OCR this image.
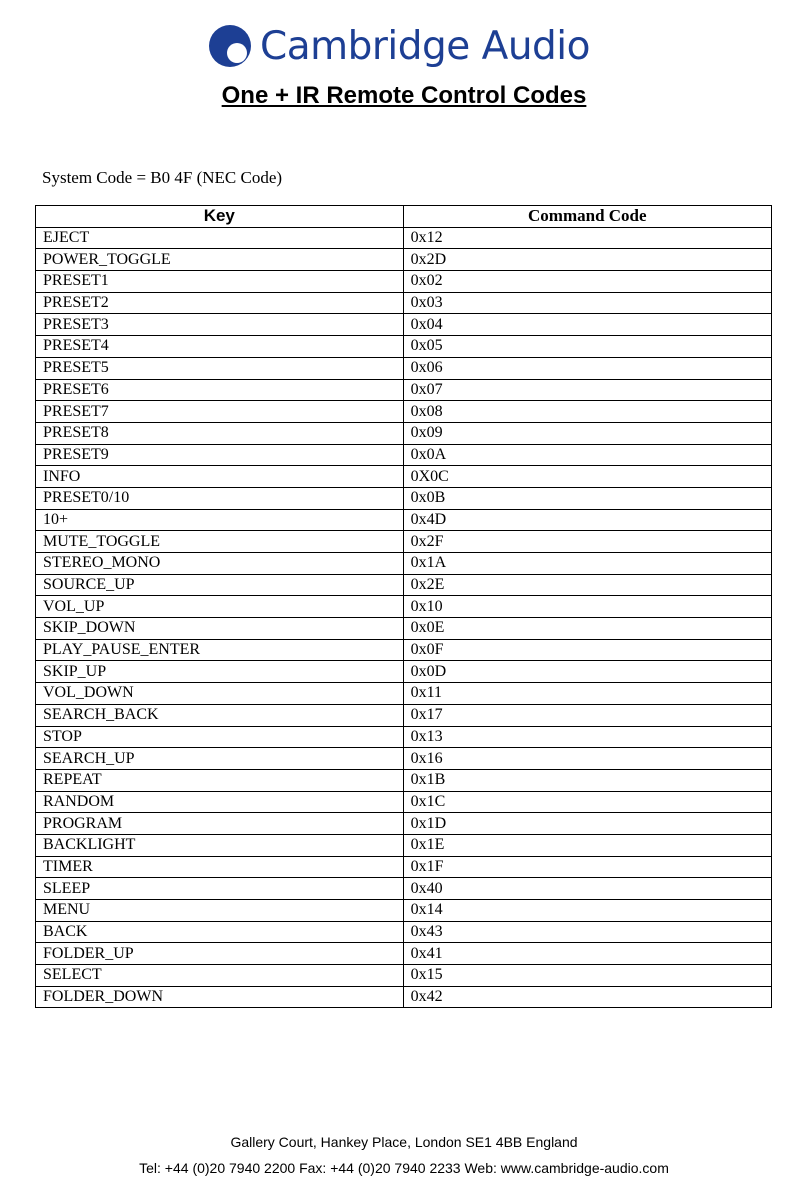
Cambridge Audio
One + IR Remote Control Codes
System Code = B0 4F (NEC Code)
Key	Command Code
EJECT	0x12
POWER_TOGGLE	0x2D
PRESET1	0x02
PRESET2	0x03
PRESET3	0x04
PRESET4	0x05
PRESET5	0x06
PRESET6	0x07
PRESET7	0x08
PRESET8	0x09
PRESET9	0x0A
INFO	0X0C
PRESET0/10	0x0B
10+	0x4D
MUTE_TOGGLE	0x2F
STEREO_MONO	0x1A
SOURCE_UP	0x2E
VOL_UP	0x10
SKIP_DOWN	0x0E
PLAY_PAUSE_ENTER	0x0F
SKIP_UP	0x0D
VOL_DOWN	0x11
SEARCH_BACK	0x17
STOP	0x13
SEARCH_UP	0x16
REPEAT	0x1B
RANDOM	0x1C
PROGRAM	0x1D
BACKLIGHT	0x1E
TIMER	0x1F
SLEEP	0x40
MENU	0x14
BACK	0x43
FOLDER_UP	0x41
SELECT	0x15
FOLDER_DOWN	0x42
Gallery Court, Hankey Place, London SE1 4BB England
Tel: +44 (0)20 7940 2200 Fax: +44 (0)20 7940 2233 Web: www.cambridge-audio.com
